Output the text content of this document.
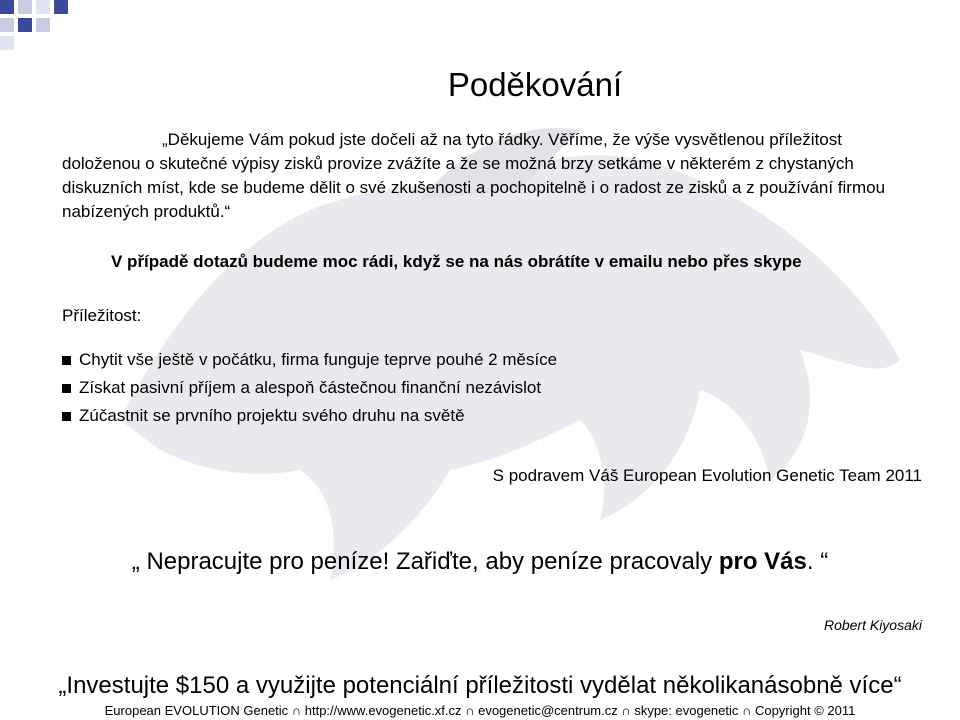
Poděkování
„Děkujeme Vám pokud jste dočeli až na tyto řádky. Věříme, že výše vysvětlenou příležitost
doloženou o skutečné výpisy zisků provize zvážíte a že se možná brzy setkáme v některém z chystaných diskuzních míst, kde se budeme dělit o své zkušenosti a pochopitelně i o radost ze zisků a z používání firmou nabízených produktů.“
V případě dotazů budeme moc rádi, když se na nás obrátíte v emailu nebo přes skype
Příležitost:
Chytit vše ještě v počátku, firma funguje teprve pouhé 2 měsíce
Získat pasivní příjem a alespoň částečnou finanční nezávislot
Zúčastnit se prvního projektu svého druhu na světě
S podravem Váš European Evolution Genetic Team 2011
„ Nepracujte pro peníze! Zařiďte, aby peníze pracovaly pro Vás. “
Robert Kiyosaki
„Investujte $150 a využijte potenciální příležitosti vydělat několikanásobně více“
European EVOLUTION Genetic ∩ http://www.evogenetic.xf.cz ∩ evogenetic@centrum.cz ∩ skype: evogenetic ∩ Copyright © 2011
